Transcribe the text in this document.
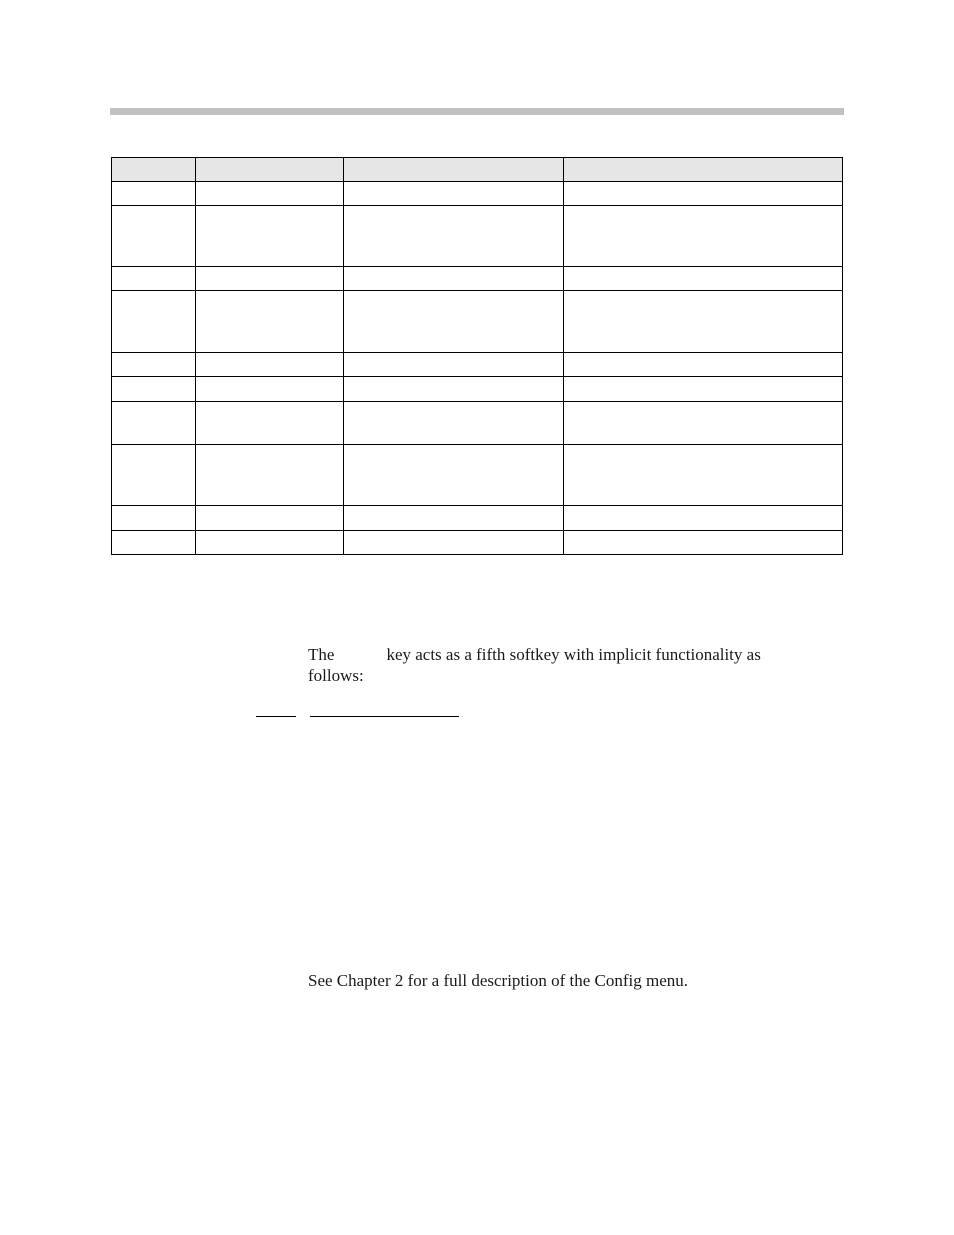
The	key acts as a fifth softkey with implicit functionality as
follows:
See Chapter 2 for a full description of the Config menu.
